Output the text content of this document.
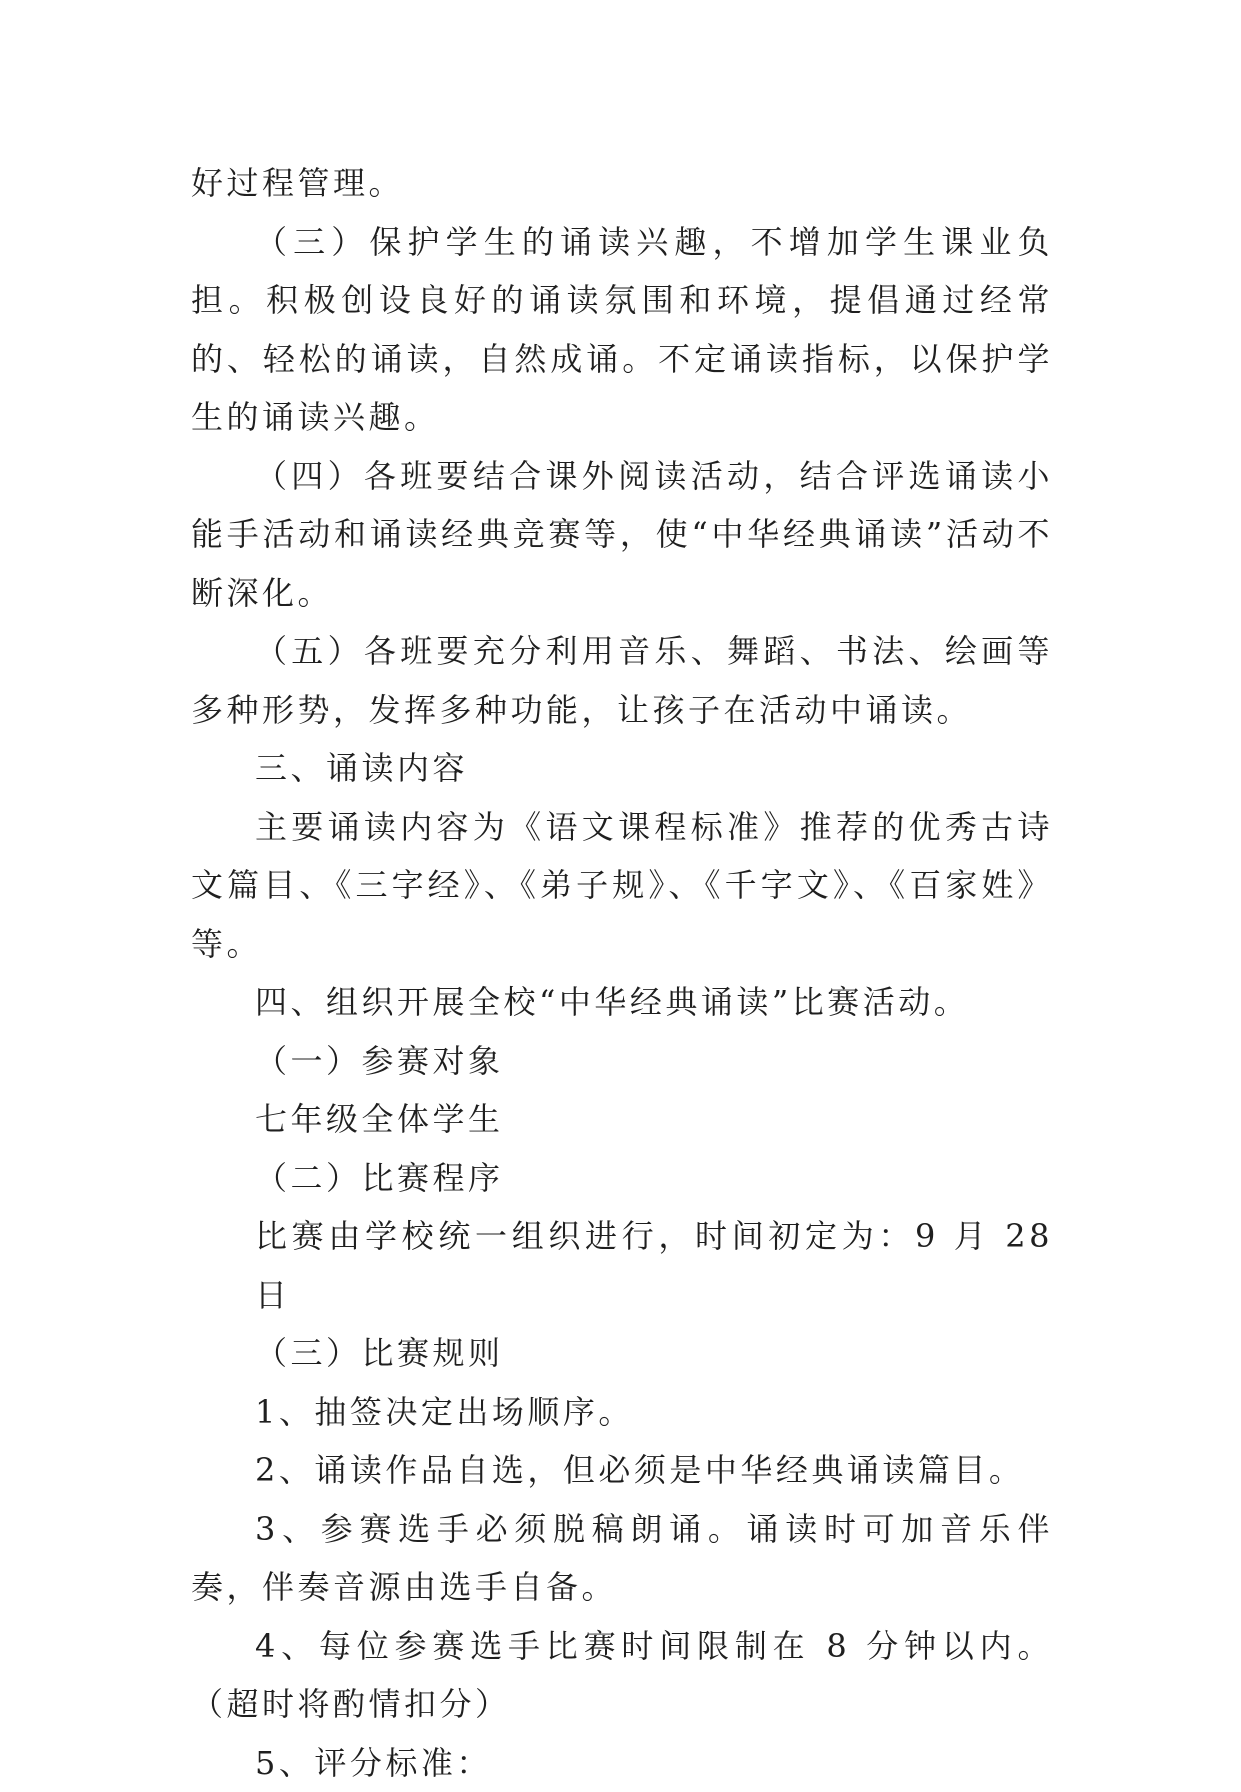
好过程管理。

（三）保护学生的诵读兴趣，不增加学生课业负担。积极创设良好的诵读氛围和环境，提倡通过经常的、轻松的诵读，自然成诵。不定诵读指标，以保护学生的诵读兴趣。

（四）各班要结合课外阅读活动，结合评选诵读小能手活动和诵读经典竞赛等，使“中华经典诵读”活动不断深化。

（五）各班要充分利用音乐、舞蹈、书法、绘画等多种形势，发挥多种功能，让孩子在活动中诵读。

三、诵读内容

主要诵读内容为《语文课程标准》推荐的优秀古诗文篇目、《三字经》、《弟子规》、《千字文》、《百家姓》等。

四、组织开展全校“中华经典诵读”比赛活动。

（一）参赛对象

七年级全体学生

（二）比赛程序

比赛由学校统一组织进行，时间初定为：9 月 28 日

（三）比赛规则

1、抽签决定出场顺序。

2、诵读作品自选，但必须是中华经典诵读篇目。

3、参赛选手必须脱稿朗诵。诵读时可加音乐伴奏，伴奏音源由选手自备。

4、每位参赛选手比赛时间限制在 8 分钟以内。（超时将酌情扣分）

5、评分标准：
